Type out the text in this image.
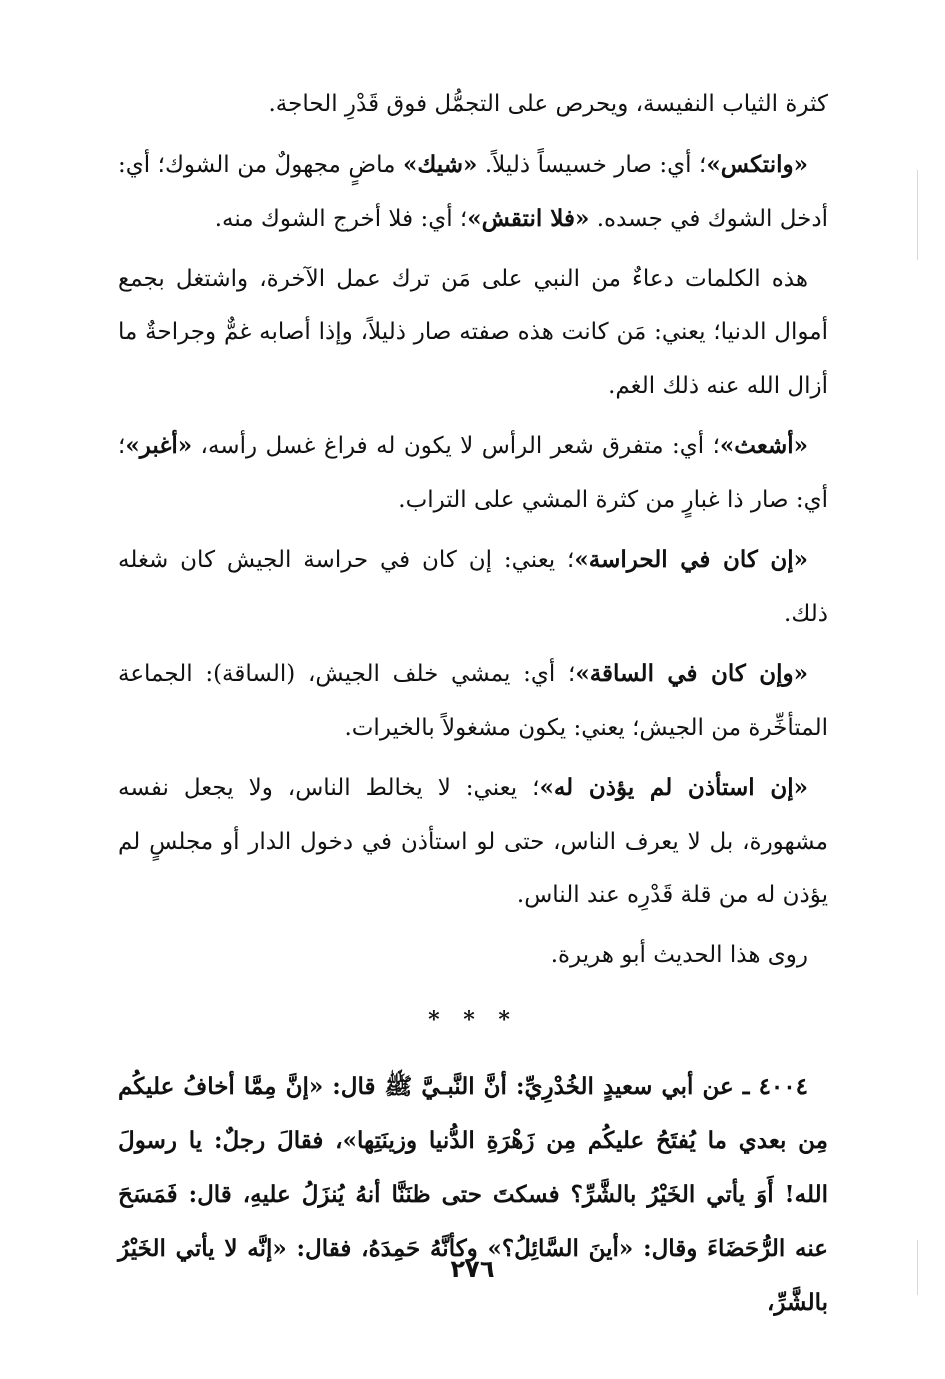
كثرة الثياب النفيسة، ويحرص على التجمُّل فوق قَدْرِ الحاجة.

«وانتكس»؛ أي: صار خسيساً ذليلاً. «شيك» ماضٍ مجهولٌ من الشوك؛ أي: أدخل الشوك في جسده. «فلا انتقش»؛ أي: فلا أخرج الشوك منه.

هذه الكلمات دعاءٌ من النبي على مَن ترك عمل الآخرة، واشتغل بجمع أموال الدنيا؛ يعني: مَن كانت هذه صفته صار ذليلاً، وإذا أصابه غمٌّ وجراحةٌ ما أزال الله عنه ذلك الغم.

«أشعث»؛ أي: متفرق شعر الرأس لا يكون له فراغ غسل رأسه، «أغبر»؛ أي: صار ذا غبارٍ من كثرة المشي على التراب.

«إن كان في الحراسة»؛ يعني: إن كان في حراسة الجيش كان شغله ذلك.

«وإن كان في الساقة»؛ أي: يمشي خلف الجيش، (الساقة): الجماعة المتأخِّرة من الجيش؛ يعني: يكون مشغولاً بالخيرات.

«إن استأذن لم يؤذن له»؛ يعني: لا يخالط الناس، ولا يجعل نفسه مشهورة، بل لا يعرف الناس، حتى لو استأذن في دخول الدار أو مجلسٍ لم يؤذن له من قلة قَدْرِه عند الناس.

روى هذا الحديث أبو هريرة.

* * *

٤٠٠٤ ـ عن أبي سعيدٍ الخُدْرِيِّ: أنَّ النَّبـيَّ ﷺ قال: «إنَّ مِمَّا أخافُ عليكُم مِن بعدي ما يُفتَحُ عليكُم مِن زَهْرَةِ الدُّنيا وزينَتِها»، فقالَ رجلٌ: يا رسولَ الله! أَوَ يأتي الخَيْرُ بالشَّرِّ؟ فسكتَ حتى ظنَنَّا أنهُ يُنزَلُ عليهِ، قال: فَمَسَحَ عنه الرُّحَضَاءَ وقال: «أينَ السَّائِلُ؟» وكأنَّهُ حَمِدَهُ، فقال: «إنَّه لا يأتي الخَيْرُ بالشَّرِّ،

٢٧٦
